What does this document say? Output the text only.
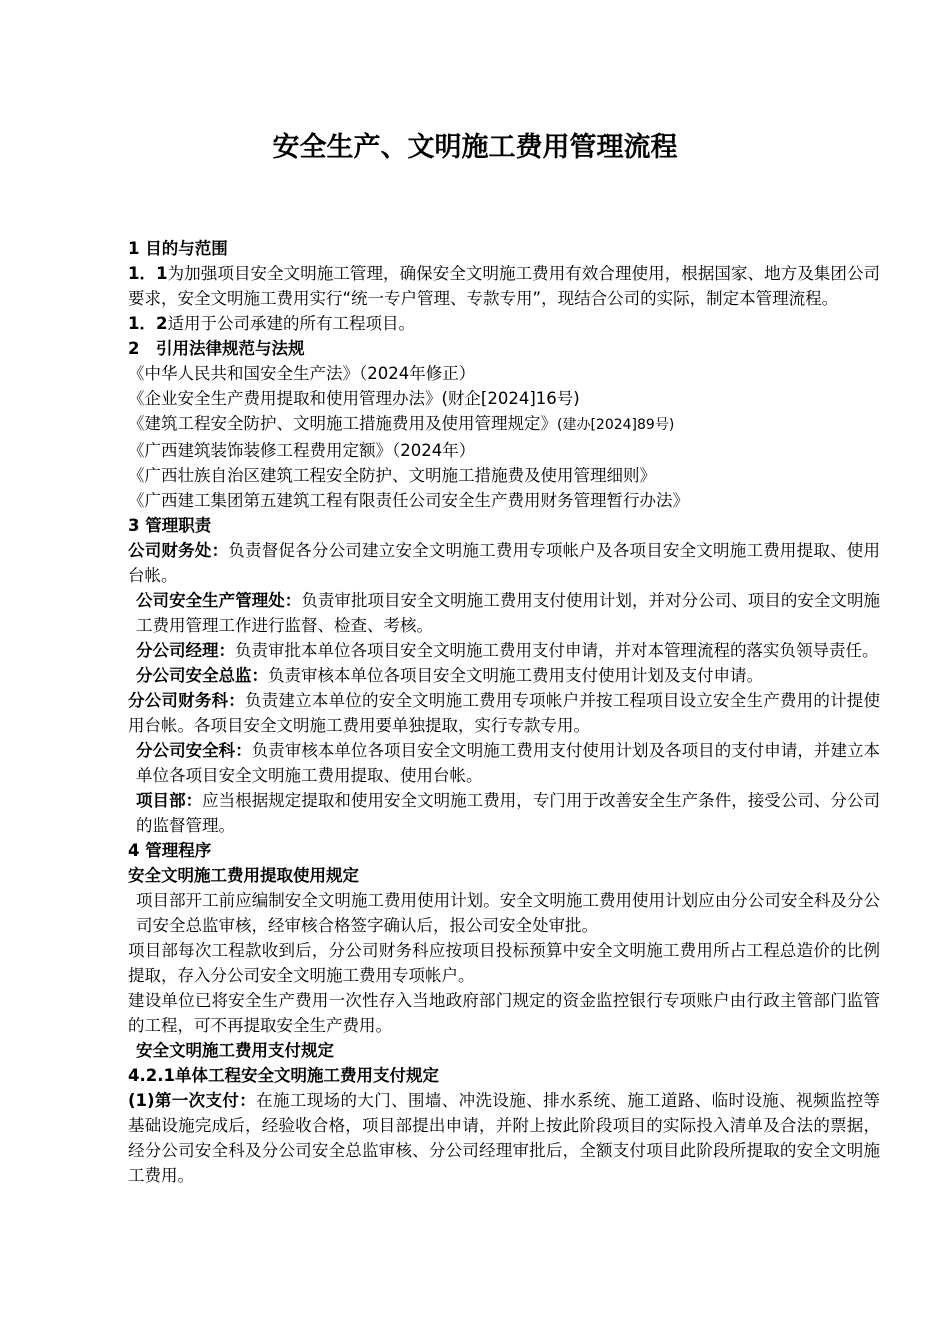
安全生产、文明施工费用管理流程

1 目的与范围

1．1为加强项目安全文明施工管理，确保安全文明施工费用有效合理使用，根据国家、地方及集团公司要求，安全文明施工费用实行“统一专户管理、专款专用”，现结合公司的实际，制定本管理流程。

1．2适用于公司承建的所有工程项目。

2　引用法律规范与法规

《中华人民共和国安全生产法》（2024年修正）

《企业安全生产费用提取和使用管理办法》(财企[2024]16号)

《建筑工程安全防护、文明施工措施费用及使用管理规定》(建办[2024]89号)

《广西建筑装饰装修工程费用定额》（2024年）

《广西壮族自治区建筑工程安全防护、文明施工措施费及使用管理细则》

《广西建工集团第五建筑工程有限责任公司安全生产费用财务管理暂行办法》

3 管理职责

公司财务处：负责督促各分公司建立安全文明施工费用专项帐户及各项目安全文明施工费用提取、使用台帐。

公司安全生产管理处：负责审批项目安全文明施工费用支付使用计划，并对分公司、项目的安全文明施工费用管理工作进行监督、检查、考核。

分公司经理：负责审批本单位各项目安全文明施工费用支付申请，并对本管理流程的落实负领导责任。

分公司安全总监：负责审核本单位各项目安全文明施工费用支付使用计划及支付申请。

分公司财务科：负责建立本单位的安全文明施工费用专项帐户并按工程项目设立安全生产费用的计提使用台帐。各项目安全文明施工费用要单独提取，实行专款专用。

分公司安全科：负责审核本单位各项目安全文明施工费用支付使用计划及各项目的支付申请，并建立本单位各项目安全文明施工费用提取、使用台帐。

项目部：应当根据规定提取和使用安全文明施工费用，专门用于改善安全生产条件，接受公司、分公司的监督管理。

4 管理程序

安全文明施工费用提取使用规定

项目部开工前应编制安全文明施工费用使用计划。安全文明施工费用使用计划应由分公司安全科及分公司安全总监审核，经审核合格签字确认后，报公司安全处审批。

项目部每次工程款收到后，分公司财务科应按项目投标预算中安全文明施工费用所占工程总造价的比例提取，存入分公司安全文明施工费用专项帐户。

建设单位已将安全生产费用一次性存入当地政府部门规定的资金监控银行专项账户由行政主管部门监管的工程，可不再提取安全生产费用。

安全文明施工费用支付规定

4.2.1单体工程安全文明施工费用支付规定

(1)第一次支付：在施工现场的大门、围墙、冲洗设施、排水系统、施工道路、临时设施、视频监控等基础设施完成后，经验收合格，项目部提出申请，并附上按此阶段项目的实际投入清单及合法的票据，经分公司安全科及分公司安全总监审核、分公司经理审批后，全额支付项目此阶段所提取的安全文明施工费用。
